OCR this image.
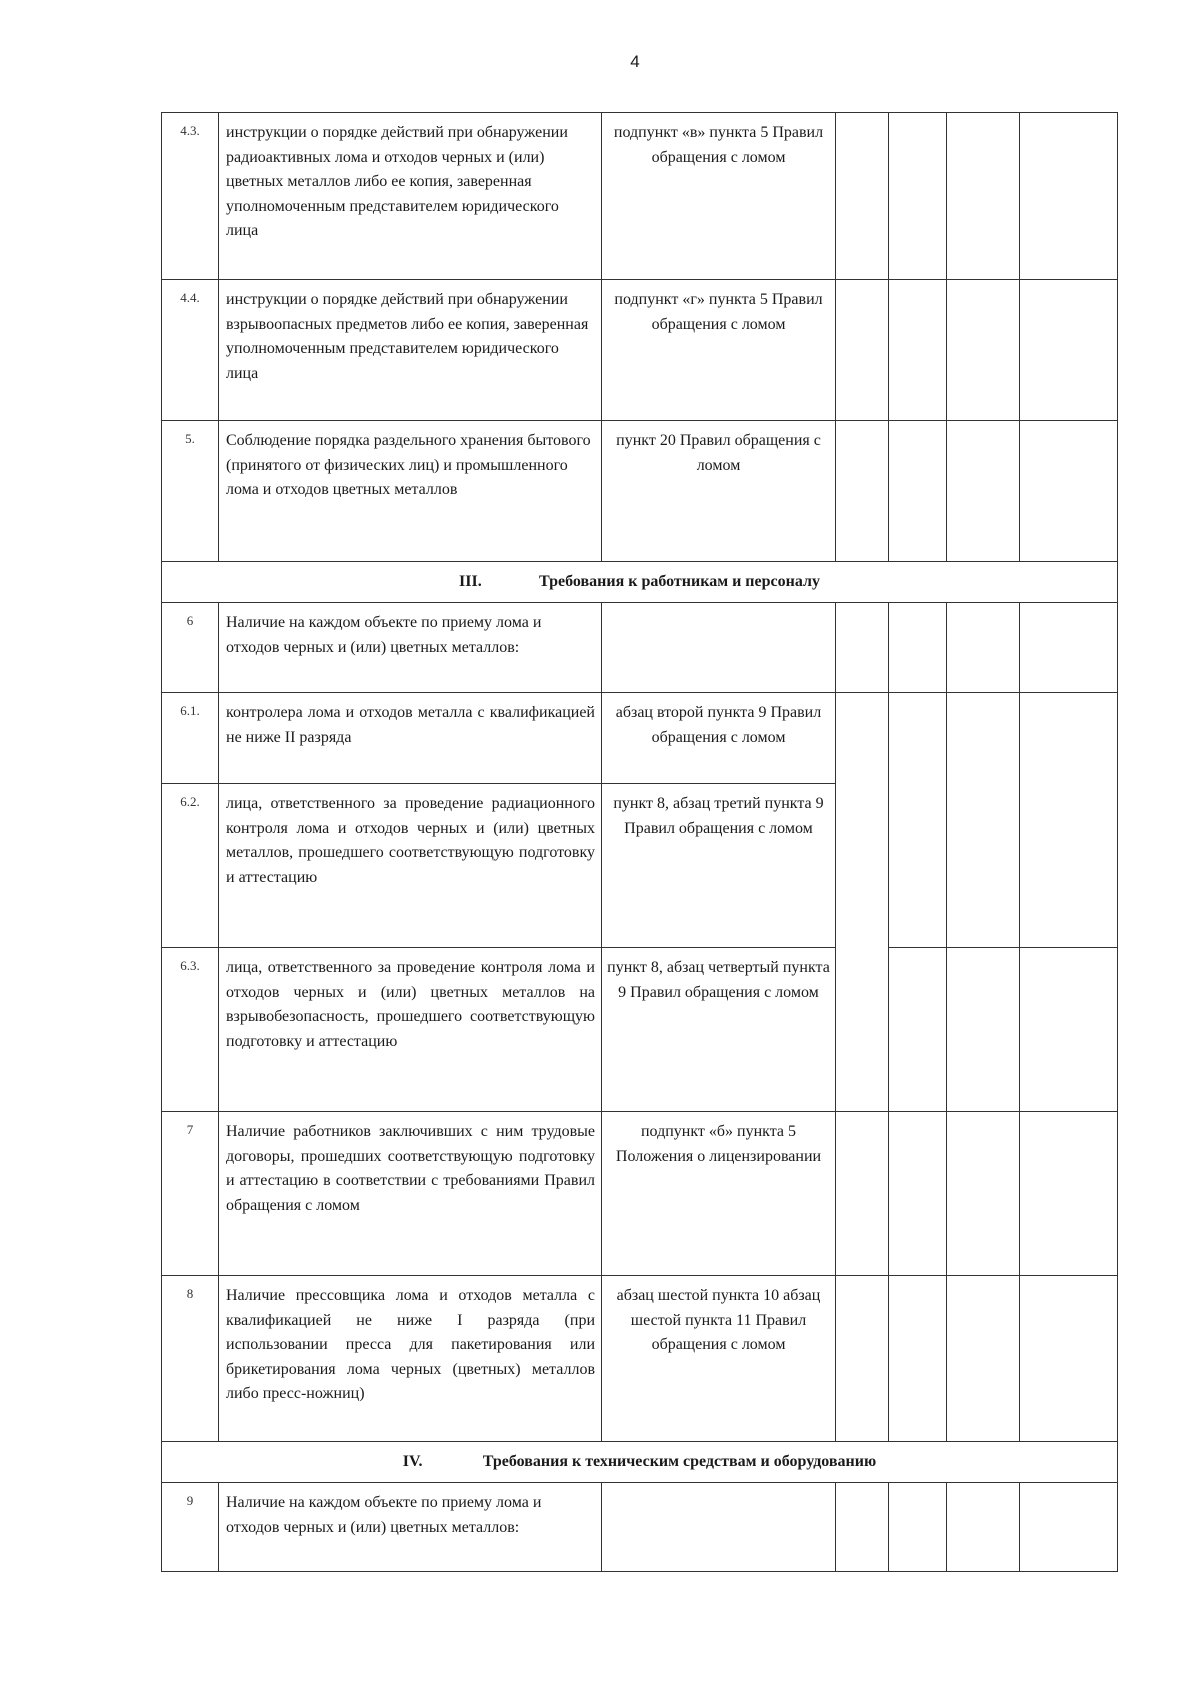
4
4.3.	инструкции о порядке действий при обнаружении радиоактивных лома и отходов черных и (или) цветных металлов либо ее копия, заверенная уполномоченным представителем юридического лица	подпункт «в» пункта 5 Правил обращения с ломом				
4.4.	инструкции о порядке действий при обнаружении взрывоопасных предметов либо ее копия, заверенная уполномоченным представителем юридического лица	подпункт «г» пункта 5 Правил обращения с ломом				
5.	Соблюдение порядка раздельного хранения бытового (принятого от физических лиц) и промышленного лома и отходов цветных металлов	пункт 20 Правил обращения с ломом				
III. Требования к работникам и персоналу						
6	Наличие на каждом объекте по приему лома и отходов черных и (или) цветных металлов:					
6.1.	контролера лома и отходов металла с квалификацией не ниже II разряда	абзац второй пункта 9 Правил обращения с ломом				
6.2.	лица, ответственного за проведение радиационного контроля лома и отходов черных и (или) цветных металлов, прошедшего соответствующую подготовку и аттестацию	пункт 8, абзац третий пункта 9 Правил обращения с ломом				
6.3.	лица, ответственного за проведение контроля лома и отходов черных и (или) цветных металлов на взрывобезопасность, прошедшего соответствующую подготовку и аттестацию	пункт 8, абзац четвертый пункта 9 Правил обращения с ломом				
7	Наличие работников заключивших с ним трудовые договоры, прошедших соответствующую подготовку и аттестацию в соответствии с требованиями Правил обращения с ломом	подпункт «б» пункта 5 Положения о лицензировании				
8	Наличие прессовщика лома и отходов металла с квалификацией не ниже I разряда (при использовании пресса для пакетирования или брикетирования лома черных (цветных) металлов либо пресс-ножниц)	абзац шестой пункта 10 абзац шестой пункта 11 Правил обращения с ломом				
IV. Требования к техническим средствам и оборудованию						
9	Наличие на каждом объекте по приему лома и отходов черных и (или) цветных металлов:					
